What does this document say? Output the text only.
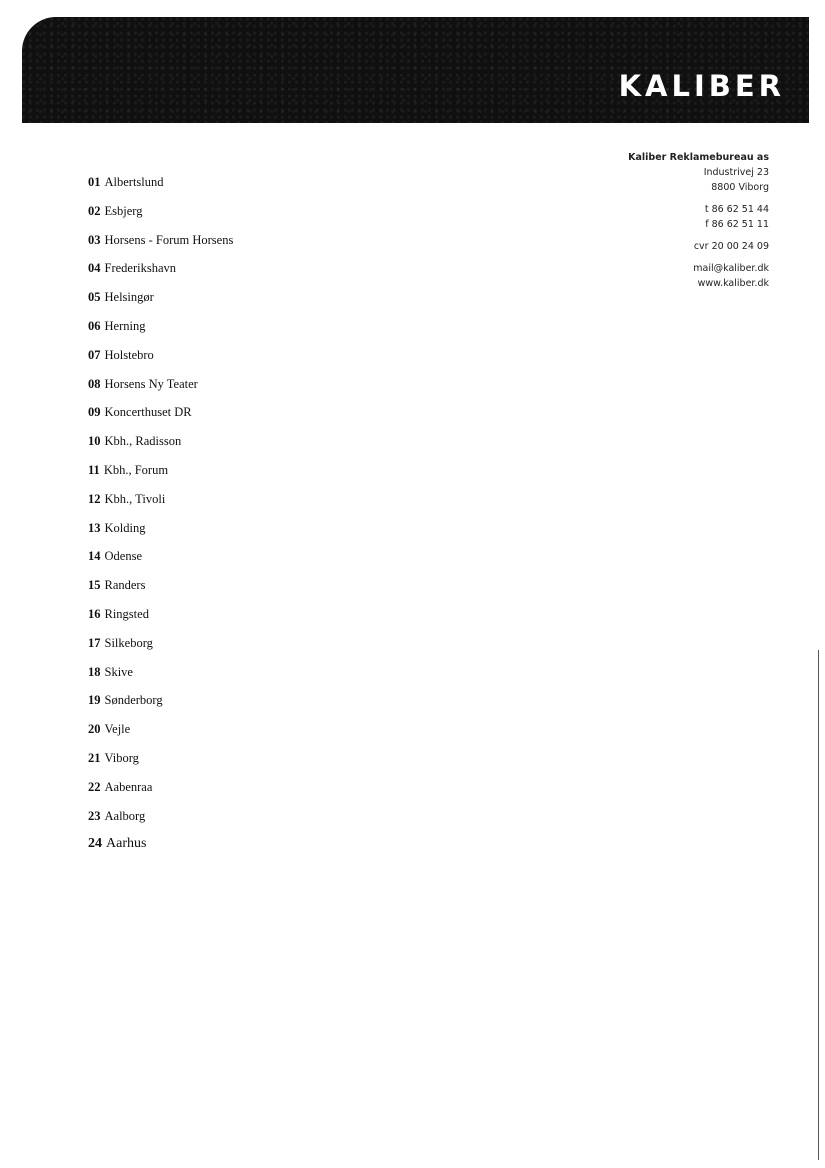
KALIBER
Kaliber Reklamebureau as
Industrivej 23
8800 Viborg
t 86 62 51 44
f 86 62 51 11
cvr 20 00 24 09
mail@kaliber.dk
www.kaliber.dk
01 Albertslund
02 Esbjerg
03 Horsens - Forum Horsens
04 Frederikshavn
05 Helsingør
06 Herning
07 Holstebro
08 Horsens Ny Teater
09 Koncerthuset DR
10 Kbh., Radisson
11 Kbh., Forum
12 Kbh., Tivoli
13 Kolding
14 Odense
15 Randers
16 Ringsted
17 Silkeborg
18 Skive
19 Sønderborg
20 Vejle
21 Viborg
22 Aabenraa
23 Aalborg
24 Aarhus
